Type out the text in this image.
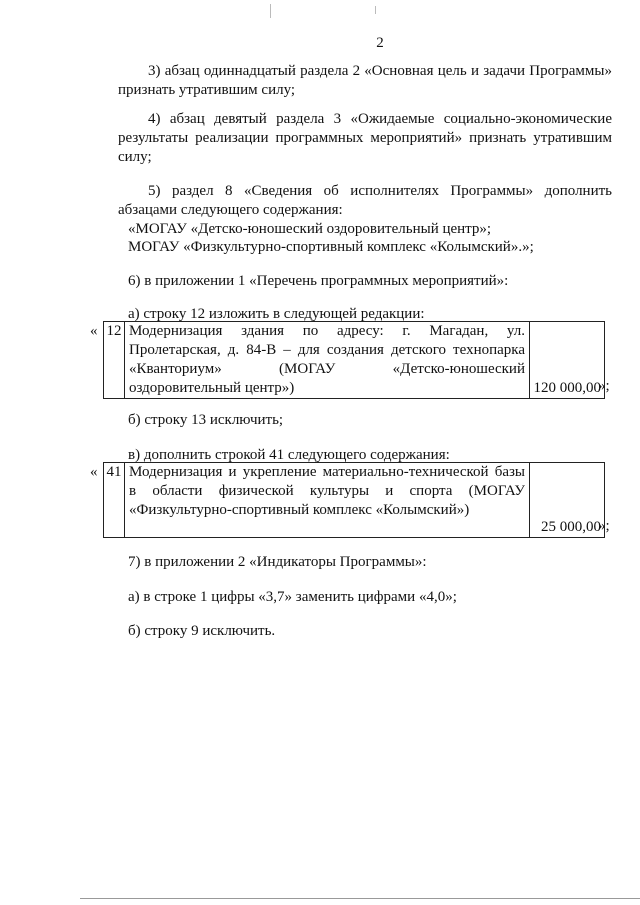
2
3) абзац одиннадцатый раздела 2 «Основная цель и задачи Программы» признать утратившим силу;
4) абзац девятый раздела 3 «Ожидаемые социально-экономические результаты реализации программных мероприятий» признать утратившим силу;
5) раздел 8 «Сведения об исполнителях Программы» дополнить абзацами следующего содержания:
«МОГАУ «Детско-юношеский оздоровительный центр»;
МОГАУ «Физкультурно-спортивный комплекс «Колымский».»;
6) в приложении 1 «Перечень программных мероприятий»:
а) строку 12 изложить в следующей редакции:
« 12	Модернизация здания по адресу: г. Магадан, ул. Пролетарская, д. 84-В – для создания детского технопарка «Кванториум» (МОГАУ «Детско-юношеский оздоровительный центр»)	120 000,00
»;
б) строку 13 исключить;
в) дополнить строкой 41 следующего содержания:
« 41	Модернизация и укрепление материально-технической базы в области физической культуры и спорта (МОГАУ «Физкультурно-спортивный комплекс «Колымский»)	25 000,00
»;
7) в приложении 2 «Индикаторы Программы»:
а) в строке 1 цифры «3,7» заменить цифрами «4,0»;
б) строку 9 исключить.
